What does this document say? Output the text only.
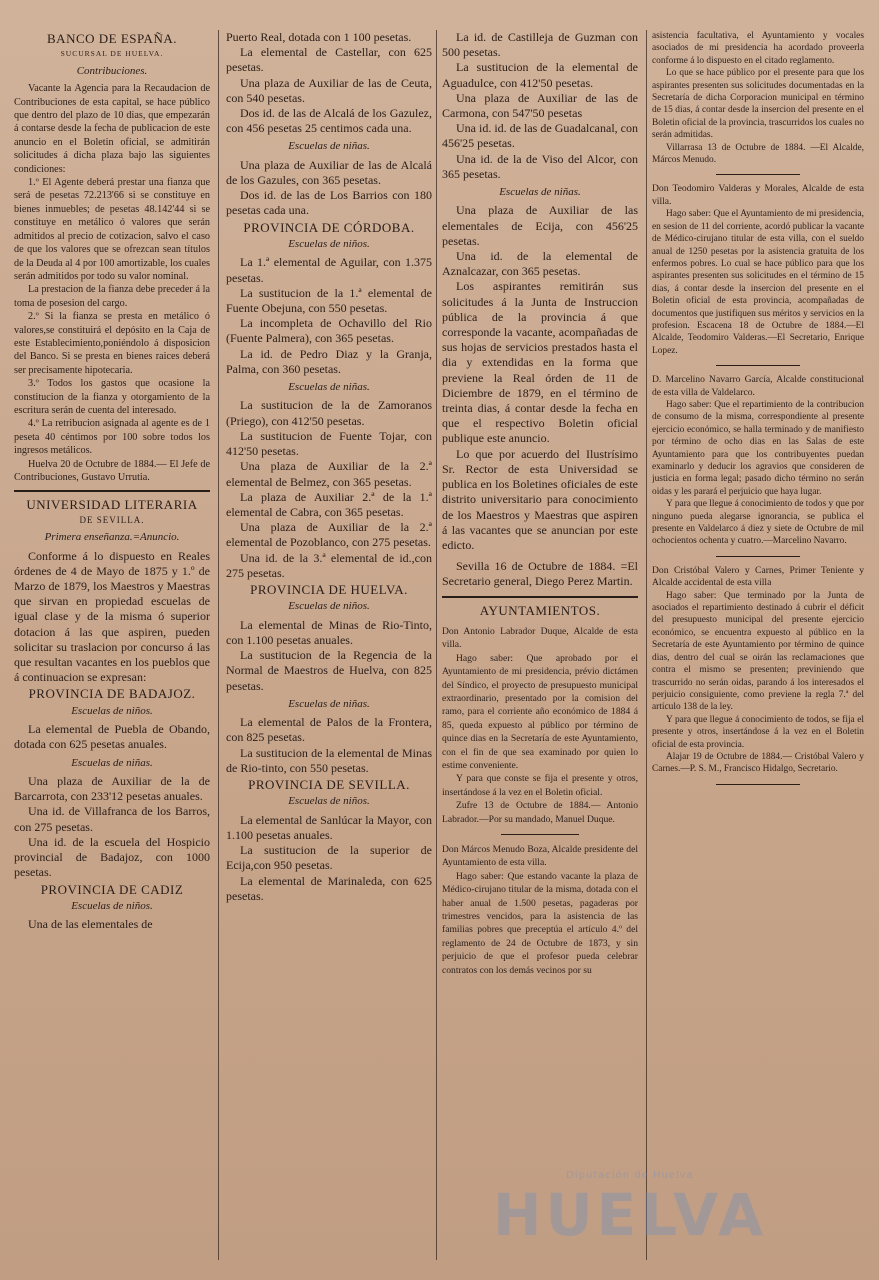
BANCO DE ESPAÑA.
SUCURSAL DE HUELVA.
Contribuciones.

Vacante la Agencia para la Recaudacion de Contribuciones de esta capital, se hace público que dentro del plazo de 10 dias, que empezarán á contarse desde la fecha de publicacion de este anuncio en el Boletin oficial, se admitirán solicitudes á dicha plaza bajo las siguientes condiciones:

1.º El Agente deberá prestar una fianza que será de pesetas 72.213'66 si se constituye en bienes inmuebles; de pesetas 48.142'44 si se constituye en metálico ó valores que serán admitidos al precio de cotizacion, salvo el caso de que los valores que se ofrezcan sean títulos de la Deuda al 4 por 100 amortizable, los cuales serán admitidos por todo su valor nominal.

La prestacion de la fianza debe preceder á la toma de posesion del cargo.

2.º Si la fianza se presta en metálico ó valores,se constituirá el depósito en la Caja de este Establecimiento,poniéndolo á disposicion del Banco. Si se presta en bienes raices deberá ser precisamente hipotecaria.

3.º Todos los gastos que ocasione la constitucion de la fianza y otorgamiento de la escritura serán de cuenta del interesado.

4.º La retribucion asignada al agente es de 1 peseta 40 céntimos por 100 sobre todos los ingresos metálicos.

Huelva 20 de Octubre de 1884.— El Jefe de Contribuciones, Gustavo Urrutia.

UNIVERSIDAD LITERARIA
DE SEVILLA.
Primera enseñanza.=Anuncio.

Conforme á lo dispuesto en Reales órdenes de 4 de Mayo de 1875 y 1.º de Marzo de 1879, los Maestros y Maestras que sirvan en propiedad escuelas de igual clase y de la misma ó superior dotacion á las que aspiren, pueden solicitar su traslacion por concurso á las que resultan vacantes en los pueblos que á continuacion se expresan:

PROVINCIA DE BADAJOZ.
Escuelas de niños.

La elemental de Puebla de Obando, dotada con 625 pesetas anuales.

Escuelas de niñas.

Una plaza de Auxiliar de la de Barcarrota, con 233'12 pesetas anuales.

Una id. de Villafranca de los Barros, con 275 pesetas.

Una id. de la escuela del Hospicio provincial de Badajoz, con 1000 pesetas.

PROVINCIA DE CADIZ
Escuelas de niños.

Una de las elementales de

Puerto Real, dotada con 1 100 pesetas.

La elemental de Castellar, con 625 pesetas.

Una plaza de Auxiliar de las de Ceuta, con 540 pesetas.

Dos id. de las de Alcalá de los Gazulez, con 456 pesetas 25 centimos cada una.

Escuelas de niñas.

Una plaza de Auxiliar de las de Alcalá de los Gazules, con 365 pesetas.

Dos id. de las de Los Barrios con 180 pesetas cada una.

PROVINCIA DE CÓRDOBA.
Escuelas de niños.

La 1.ª elemental de Aguilar, con 1.375 pesetas.

La sustitucion de la 1.ª elemental de Fuente Obejuna, con 550 pesetas.

La incompleta de Ochavillo del Rio (Fuente Palmera), con 365 pesetas.

La id. de Pedro Diaz y la Granja, Palma, con 360 pesetas.

Escuelas de niñas.

La sustitucion de la de Zamoranos (Priego), con 412'50 pesetas.

La sustitucion de Fuente Tojar, con 412'50 pesetas.

Una plaza de Auxiliar de la 2.ª elemental de Belmez, con 365 pesetas.

La plaza de Auxiliar 2.ª de la 1.ª elemental de Cabra, con 365 pesetas.

Una plaza de Auxiliar de la 2.ª elemental de Pozoblanco, con 275 pesetas.

Una id. de la 3.ª elemental de id.,con 275 pesetas.

PROVINCIA DE HUELVA.
Escuelas de niños.

La elemental de Minas de Rio-Tinto, con 1.100 pesetas anuales.

La sustitucion de la Regencia de la Normal de Maestros de Huelva, con 825 pesetas.

Escuelas de niñas.

La elemental de Palos de la Frontera, con 825 pesetas.

La sustitucion de la elemental de Minas de Rio-tinto, con 550 pesetas.

PROVINCIA DE SEVILLA.
Escuelas de niños.

La elemental de Sanlúcar la Mayor, con 1.100 pesetas anuales.

La sustitucion de la superior de Ecija,con 950 pesetas.

La elemental de Marinaleda, con 625 pesetas.

La id. de Castilleja de Guzman con 500 pesetas.

La sustitucion de la elemental de Aguadulce, con 412'50 pesetas.

Una plaza de Auxiliar de las de Carmona, con 547'50 pesetas

Una id. id. de las de Guadalcanal, con 456'25 pesetas.

Una id. de la de Viso del Alcor, con 365 pesetas.

Escuelas de niñas.

Una plaza de Auxiliar de las elementales de Ecija, con 456'25 pesetas.

Una id. de la elemental de Aznalcazar, con 365 pesetas.

Los aspirantes remitirán sus solicitudes á la Junta de Instruccion pública de la provincia á que corresponde la vacante, acompañadas de sus hojas de servicios prestados hasta el dia y extendidas en la forma que previene la Real órden de 11 de Diciembre de 1879, en el término de treinta dias, á contar desde la fecha en que el respectivo Boletin oficial publique este anuncio.

Lo que por acuerdo del Ilustrísimo Sr. Rector de esta Universidad se publica en los Boletines oficiales de este distrito universitario para conocimiento de los Maestros y Maestras que aspiren á las vacantes que se anuncian por este edicto.

Sevilla 16 de Octubre de 1884. =El Secretario general, Diego Perez Martin.

AYUNTAMIENTOS.

Don Antonio Labrador Duque, Alcalde de esta villa.

Hago saber: Que aprobado por el Ayuntamiento de mi presidencia, prévio dictámen del Síndico, el proyecto de presupuesto municipal extraordinario, presentado por la comision del ramo, para el corriente año económico de 1884 á 85, queda expuesto al público por término de quince dias en la Secretaría de este Ayuntamiento, con el fin de que sea examinado por quien lo estime conveniente.

Y para que conste se fija el presente y otros, insertándose á la vez en el Boletin oficial.

Zufre 13 de Octubre de 1884.— Antonio Labrador.—Por su mandado, Manuel Duque.

Don Márcos Menudo Boza, Alcalde presidente del Ayuntamiento de esta villa.

Hago saber: Que estando vacante la plaza de Médico-cirujano titular de la misma, dotada con el haber anual de 1.500 pesetas, pagaderas por trimestres vencidos, para la asistencia de las familias pobres que preceptúa el artículo 4.º del reglamento de 24 de Octubre de 1873, y sin perjuicio de que el profesor pueda celebrar contratos con los demás vecinos por su

asistencia facultativa, el Ayuntamiento y vocales asociados de mi presidencia ha acordado proveerla conforme á lo dispuesto en el citado reglamento.

Lo que se hace público por el presente para que los aspirantes presenten sus solicitudes documentadas en la Secretaría de dicha Corporacion municipal en término de 15 dias, á contar desde la insercion del presente en el Boletin oficial de la provincia, trascurridos los cuales no serán admitidas.

Villarrasa 13 de Octubre de 1884. —El Alcalde, Márcos Menudo.

Don Teodomiro Valderas y Morales, Alcalde de esta villa.

Hago saber: Que el Ayuntamiento de mi presidencia, en sesion de 11 del corriente, acordó publicar la vacante de Médico-cirujano titular de esta villa, con el sueldo anual de 1250 pesetas por la asistencia gratuita de los enfermos pobres. Lo cual se hace público para que los aspirantes presenten sus solicitudes en el término de 15 dias, á contar desde la insercion del presente en el Boletin oficial de esta provincia, acompañadas de documentos que justifiquen sus méritos y servicios en la profesion. Escacena 18 de Octubre de 1884.—El Alcalde, Teodomiro Valderas.—El Secretario, Enrique Lopez.

D. Marcelino Navarro García, Alcalde constitucional de esta villa de Valdelarco.

Hago saber: Que el repartimiento de la contribucion de consumo de la misma, correspondiente al presente ejercicio económico, se halla terminado y de manifiesto por término de ocho dias en las Salas de este Ayuntamiento para que los contribuyentes puedan examinarlo y deducir los agravios que consideren de justicia en forma legal; pasado dicho término no serán oidas y les parará el perjuicio que haya lugar.

Y para que llegue á conocimiento de todos y que por ninguno pueda alegarse ignorancia, se publica el presente en Valdelarco á diez y siete de Octubre de mil ochocientos ochenta y cuatro.—Marcelino Navarro.

Don Cristóbal Valero y Carnes, Primer Teniente y Alcalde accidental de esta villa

Hago saber: Que terminado por la Junta de asociados el repartimiento destinado á cubrir el déficit del presupuesto municipal del presente ejercicio económico, se encuentra expuesto al público en la Secretaría de este Ayuntamiento por término de quince dias, dentro del cual se oirán las reclamaciones que contra el mismo se presenten; previniendo que trascurrido no serán oidas, parando á los interesados el perjuicio consiguiente, como previene la regla 7.ª del artículo 138 de la ley.

Y para que llegue á conocimiento de todos, se fija el presente y otros, insertándose á la vez en el Boletin oficial de esta provincia.

Alajar 19 de Octubre de 1884.— Cristóbal Valero y Carnes.—P. S. M., Francisco Hidalgo, Secretario.

Diputación de Huelva
HUELVA
